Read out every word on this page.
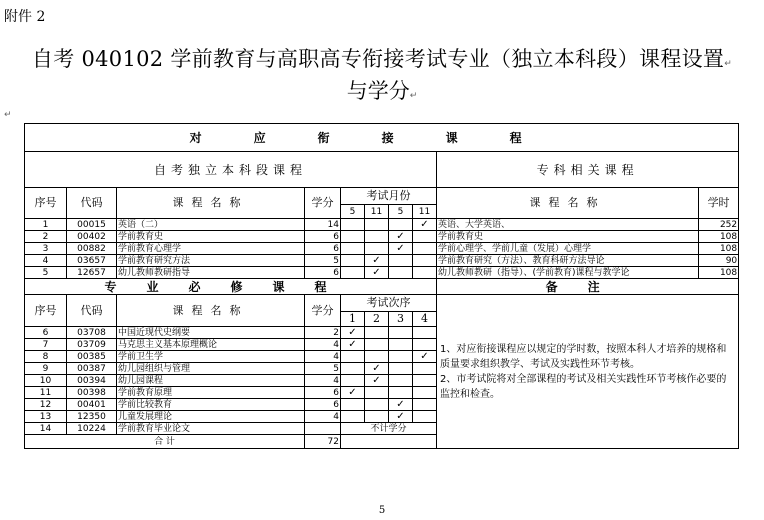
附件 2
自考 040102 学前教育与高职高专衔接考试专业（独立本科段）课程设置↵
与学分↵
↵
对应衔接课程									
自考独立本科段课程								专科相关课程	
序号	代码	课程名称	学分	考试月份				课程名称	学时
				5	11	5	11		
1	00015	英语（二）	14				✓	英语、大学英语、	252
2	00402	学前教育史	6			✓		学前教育史	108
3	00882	学前教育心理学	6			✓		学前心理学、学前儿童（发展）心理学	108
4	03657	学前教育研究方法	5		✓			学前教育研究（方法）、教育科研方法导论	90
5	12657	幼儿教师教研指导	6		✓			幼儿教师教研（指导）、(学前教育)课程与教学论	108
专业必修课程								备注	
序号	代码	课程名称	学分	考试次序				1、对应衔接课程应以规定的学时数，按照本科人才培养的规格和质量要求组织教学、考试及实践性环节考核。
2、市考试院将对全部课程的考试及相关实践性环节考核作必要的监控和检查。	

				1	2	3	4		
6	03708	中国近现代史纲要	2	✓					
7	03709	马克思主义基本原理概论	4	✓					
8	00385	学前卫生学	4				✓		
9	00387	幼儿园组织与管理	5		✓				
10	00394	幼儿园课程	4		✓				
11	00398	学前教育原理	6	✓					
12	00401	学前比较教育	6			✓			
13	12350	儿童发展理论	4			✓			
14	10224	学前教育毕业论文		不计学分					
合 计			72						
5
